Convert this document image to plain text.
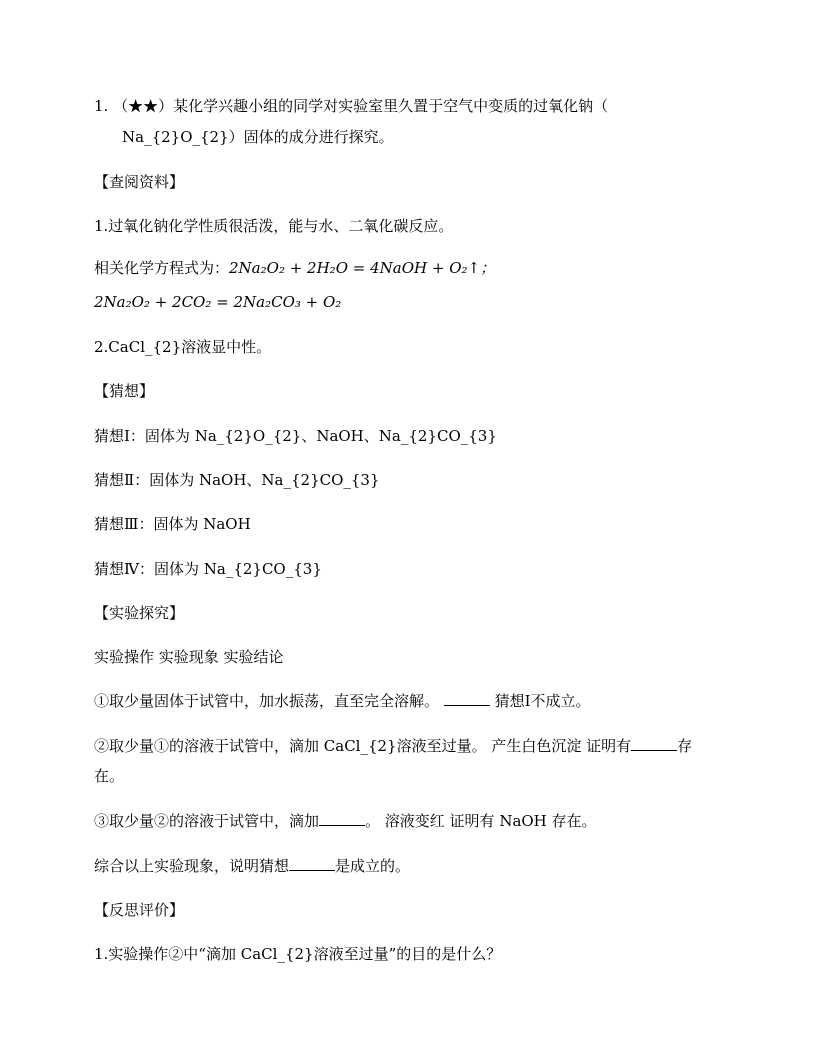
1. （★★）某化学兴趣小组的同学对实验室里久置于空气中变质的过氧化钠（
Na_{2}O_{2}）固体的成分进行探究。
【查阅资料】
1.过氧化钠化学性质很活泼，能与水、二氧化碳反应。
相关化学方程式为：2Na₂O₂ + 2H₂O = 4NaOH + O₂↑；
2Na₂O₂ + 2CO₂ = 2Na₂CO₃ + O₂
2.CaCl_{2}溶液显中性。
【猜想】
猜想Ⅰ：固体为 Na_{2}O_{2}、NaOH、Na_{2}CO_{3}
猜想Ⅱ：固体为 NaOH、Na_{2}CO_{3}
猜想Ⅲ：固体为 NaOH
猜想Ⅳ：固体为 Na_{2}CO_{3}
【实验探究】
实验操作 实验现象 实验结论
①取少量固体于试管中，加水振荡，直至完全溶解。	猜想Ⅰ不成立。
②取少量①的溶液于试管中，滴加 CaCl_{2}溶液至过量。 产生白色沉淀 证明有	存
在。
③取少量②的溶液于试管中，滴加	。 溶液变红 证明有 NaOH 存在。
综合以上实验现象，说明猜想	是成立的。
【反思评价】
1.实验操作②中“滴加 CaCl_{2}溶液至过量”的目的是什么？
